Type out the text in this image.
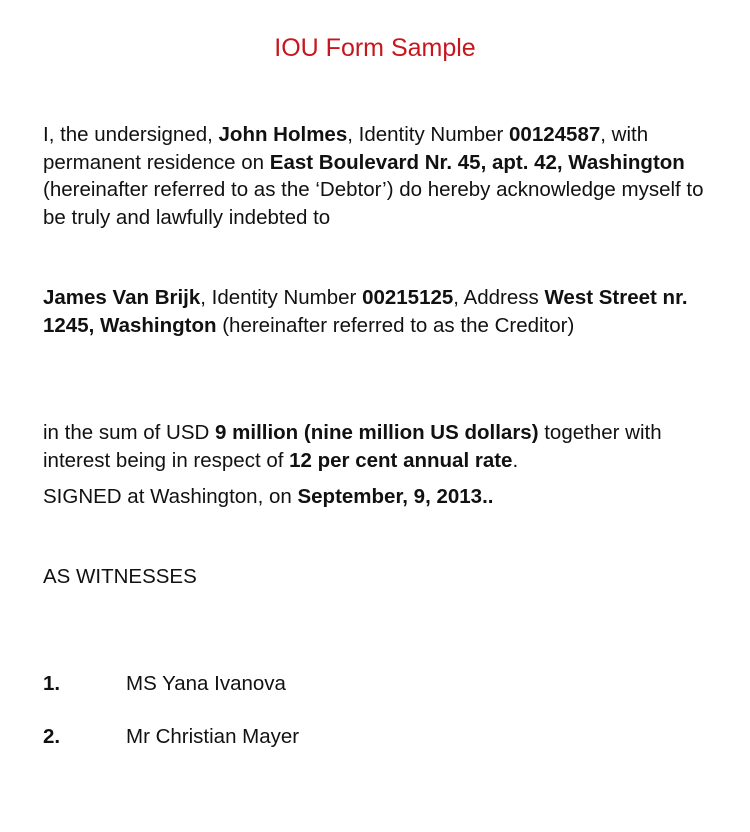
IOU Form Sample

I, the undersigned, John Holmes, Identity Number 00124587, with permanent residence on East Boulevard Nr. 45, apt. 42, Washington (hereinafter referred to as the ‘Debtor’) do hereby acknowledge myself to be truly and lawfully indebted to

James Van Brijk, Identity Number 00215125, Address West Street nr. 1245, Washington (hereinafter referred to as the Creditor)

in the sum of USD 9 million (nine million US dollars) together with interest being in respect of 12 per cent annual rate.

SIGNED at Washington, on September, 9, 2013..

AS WITNESSES

1.	MS Yana Ivanova
2.	Mr Christian Mayer
